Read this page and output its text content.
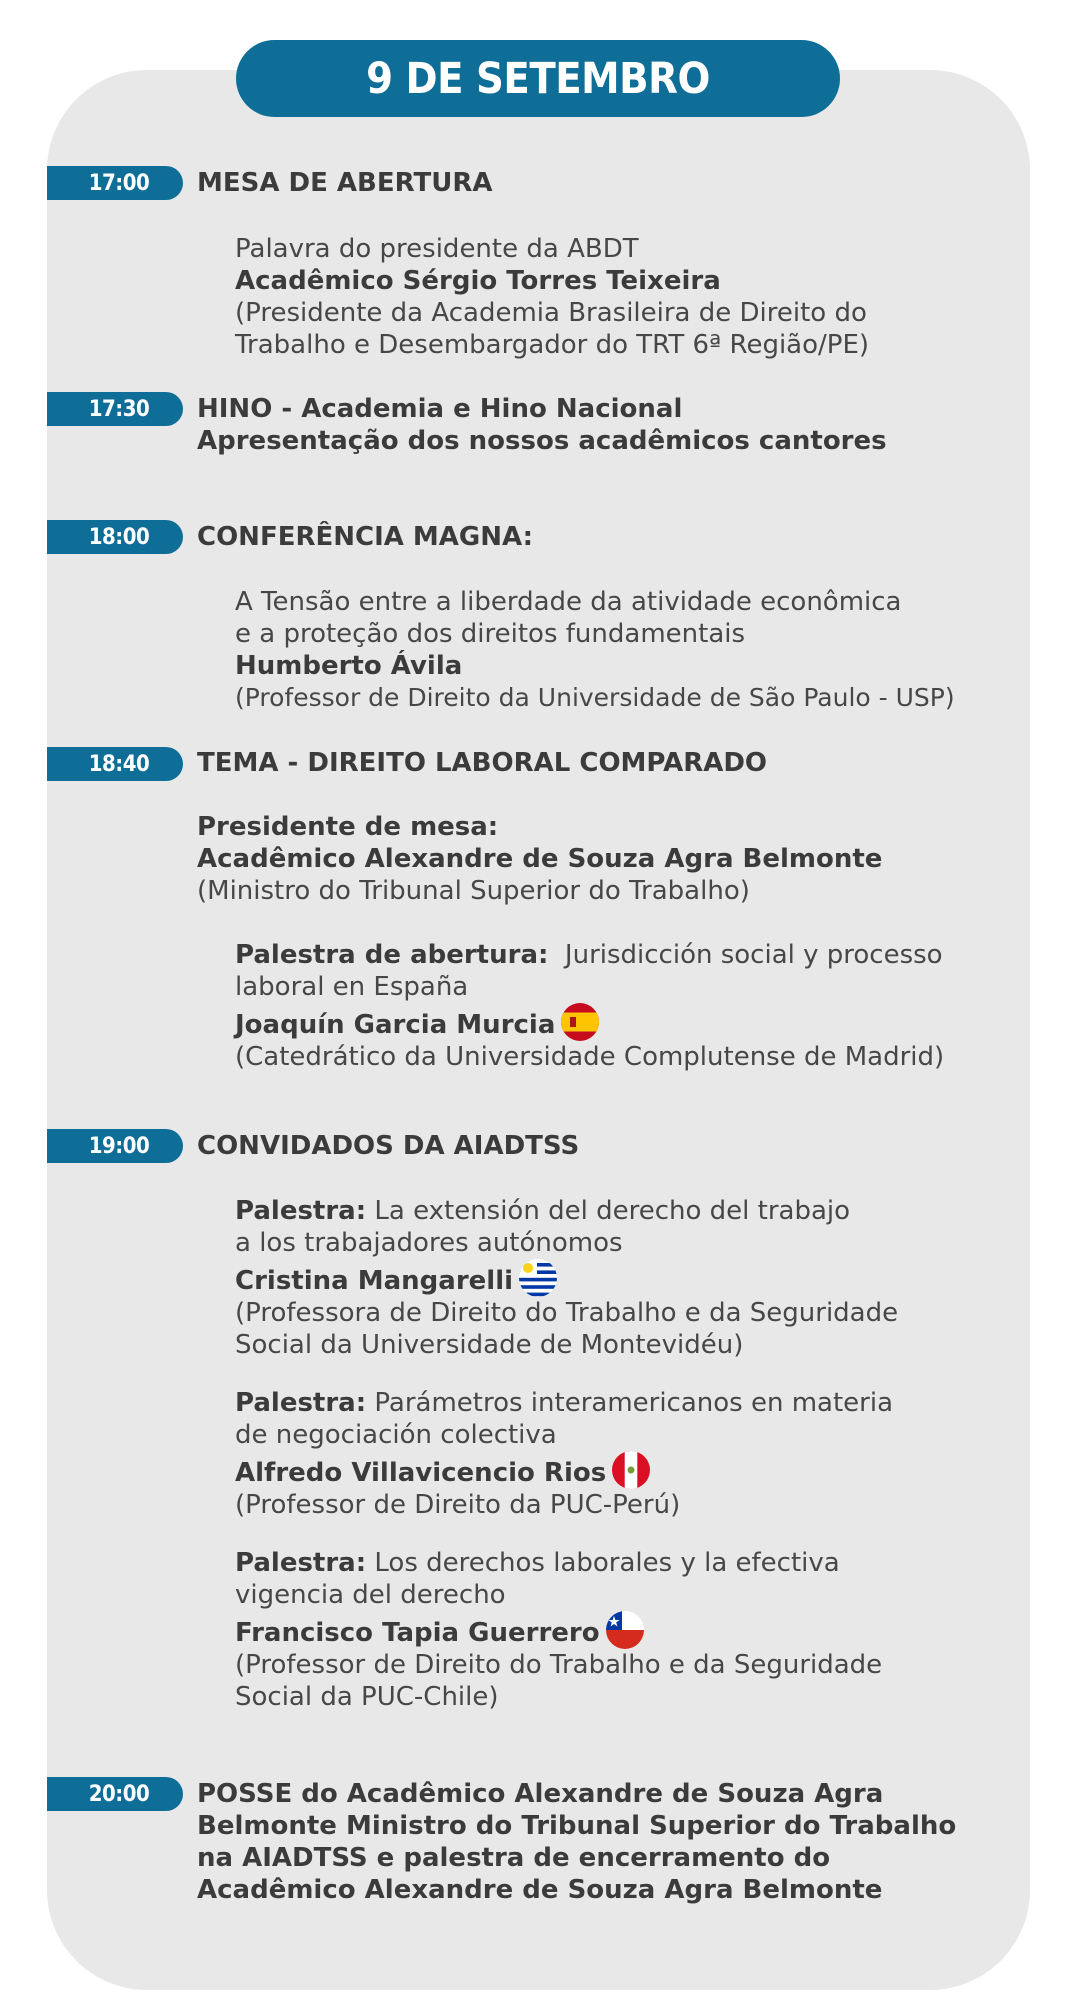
9 DE SETEMBRO
17:00	MESA DE ABERTURA
Palavra do presidente da ABDT
Acadêmico Sérgio Torres Teixeira
(Presidente da Academia Brasileira de Direito do
Trabalho e Desembargador do TRT 6ª Região/PE)
17:30	HINO - Academia e Hino Nacional
Apresentação dos nossos acadêmicos cantores
18:00	CONFERÊNCIA MAGNA:
A Tensão entre a liberdade da atividade econômica
e a proteção dos direitos fundamentais
Humberto Ávila
(Professor de Direito da Universidade de São Paulo - USP)
18:40	TEMA - DIREITO LABORAL COMPARADO
Presidente de mesa:
Acadêmico Alexandre de Souza Agra Belmonte
(Ministro do Tribunal Superior do Trabalho)
Palestra de abertura:  Jurisdicción social y processo
laboral en España
Joaquín Garcia Murcia
(Catedrático da Universidade Complutense de Madrid)
19:00	CONVIDADOS DA AIADTSS
Palestra: La extensión del derecho del trabajo
a los trabajadores autónomos
Cristina Mangarelli
(Professora de Direito do Trabalho e da Seguridade
Social da Universidade de Montevidéu)
Palestra: Parámetros interamericanos en materia
de negociación colectiva
Alfredo Villavicencio Rios
(Professor de Direito da PUC-Perú)
Palestra: Los derechos laborales y la efectiva
vigencia del derecho
Francisco Tapia Guerrero
(Professor de Direito do Trabalho e da Seguridade
Social da PUC-Chile)
20:00	POSSE do Acadêmico Alexandre de Souza Agra
Belmonte Ministro do Tribunal Superior do Trabalho
na AIADTSS e palestra de encerramento do
Acadêmico Alexandre de Souza Agra Belmonte
